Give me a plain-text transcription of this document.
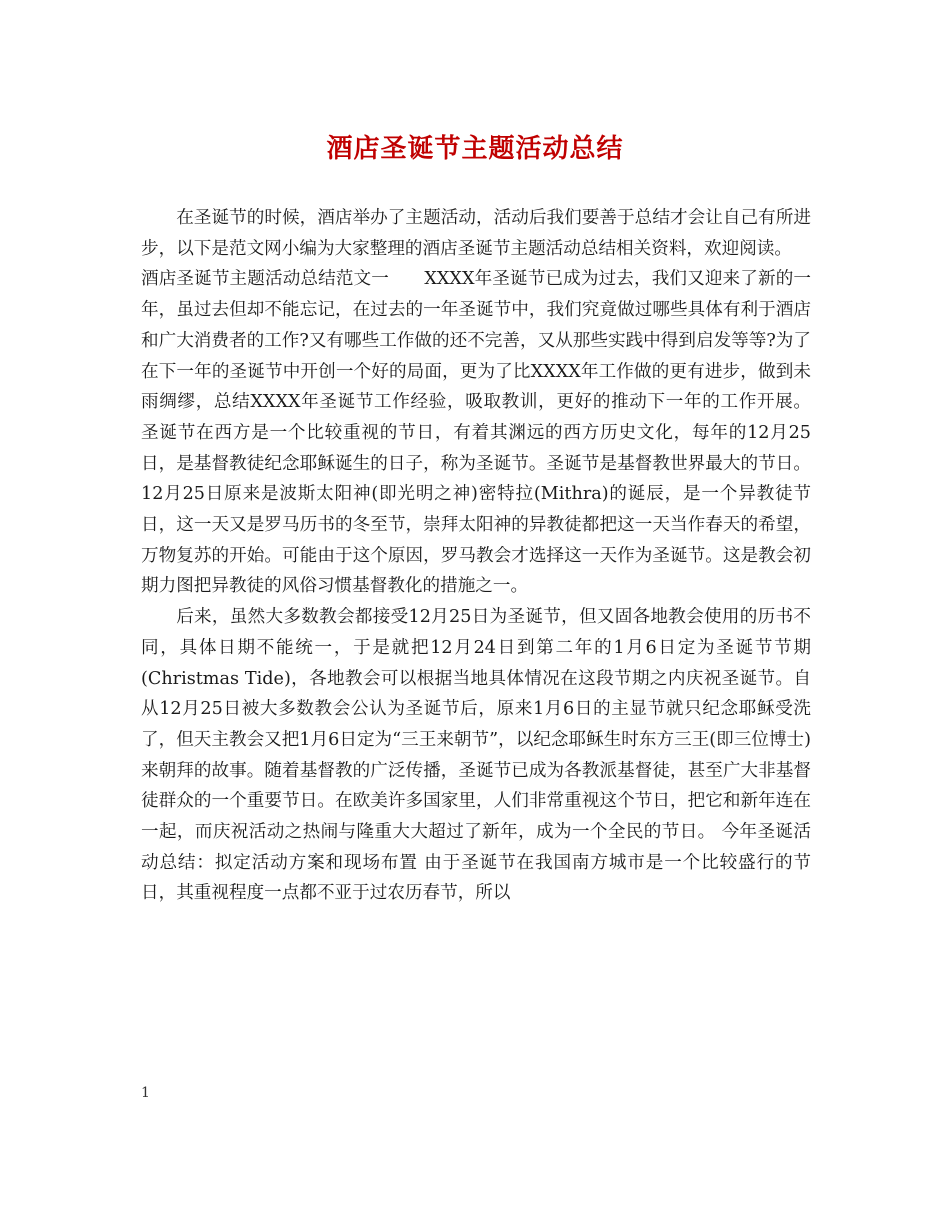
酒店圣诞节主题活动总结

在圣诞节的时候，酒店举办了主题活动，活动后我们要善于总结才会让自己有所进步，以下是范文网小编为大家整理的酒店圣诞节主题活动总结相关资料，欢迎阅读。

酒店圣诞节主题活动总结范文一　　XXXX年圣诞节已成为过去，我们又迎来了新的一年，虽过去但却不能忘记，在过去的一年圣诞节中，我们究竟做过哪些具体有利于酒店和广大消费者的工作?又有哪些工作做的还不完善，又从那些实践中得到启发等等?为了在下一年的圣诞节中开创一个好的局面，更为了比XXXX年工作做的更有进步，做到未雨绸缪，总结XXXX年圣诞节工作经验，吸取教训，更好的推动下一年的工作开展。 圣诞节在西方是一个比较重视的节日，有着其渊远的西方历史文化，每年的12月25日，是基督教徒纪念耶稣诞生的日子，称为圣诞节。圣诞节是基督教世界最大的节日。12月25日原来是波斯太阳神(即光明之神)密特拉(Mithra)的诞辰，是一个异教徒节日，这一天又是罗马历书的冬至节，崇拜太阳神的异教徒都把这一天当作春天的希望，万物复苏的开始。可能由于这个原因，罗马教会才选择这一天作为圣诞节。这是教会初期力图把异教徒的风俗习惯基督教化的措施之一。

后来，虽然大多数教会都接受12月25日为圣诞节，但又固各地教会使用的历书不同，具体日期不能统一，于是就把12月24日到第二年的1月6日定为圣诞节节期(Christmas Tide)，各地教会可以根据当地具体情况在这段节期之内庆祝圣诞节。自从12月25日被大多数教会公认为圣诞节后，原来1月6日的主显节就只纪念耶稣受洗了，但天主教会又把1月6日定为“三王来朝节”，以纪念耶稣生时东方三王(即三位博士)来朝拜的故事。随着基督教的广泛传播，圣诞节已成为各教派基督徒，甚至广大非基督徒群众的一个重要节日。在欧美许多国家里，人们非常重视这个节日，把它和新年连在一起，而庆祝活动之热闹与隆重大大超过了新年，成为一个全民的节日。 今年圣诞活动总结：拟定活动方案和现场布置 由于圣诞节在我国南方城市是一个比较盛行的节日，其重视程度一点都不亚于过农历春节，所以

1
